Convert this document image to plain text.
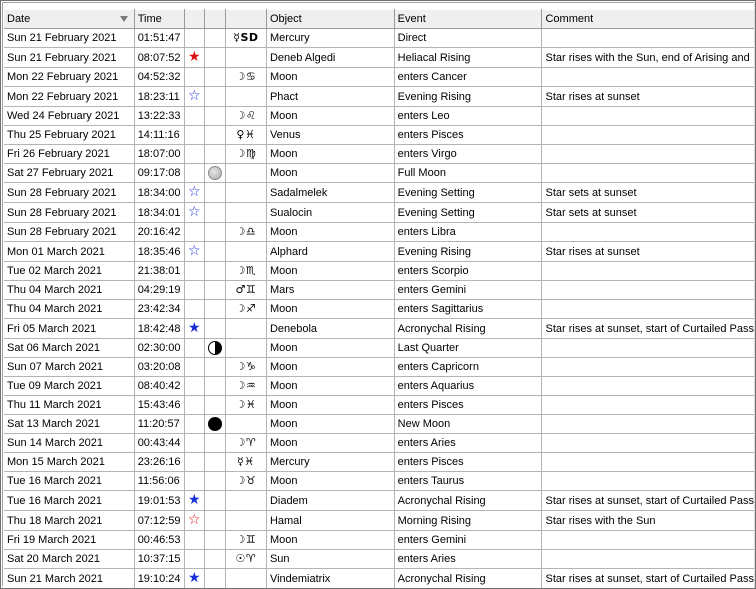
Date	Time				Object	Event	Comment
Sun 21 February 2021	01:51:47			☿SD	Mercury	Direct	
Sun 21 February 2021	08:07:52	★			Deneb Algedi	Heliacal Rising	Star rises with the Sun, end of Arising and
Mon 22 February 2021	04:52:32			☽♋	Moon	enters Cancer	
Mon 22 February 2021	18:23:11	☆			Phact	Evening Rising	Star rises at sunset
Wed 24 February 2021	13:22:33			☽♌	Moon	enters Leo	
Thu 25 February 2021	14:11:16			♀♓	Venus	enters Pisces	
Fri 26 February 2021	18:07:00			☽♍	Moon	enters Virgo	
Sat 27 February 2021	09:17:08				Moon	Full Moon	
Sun 28 February 2021	18:34:00	☆			Sadalmelek	Evening Setting	Star sets at sunset
Sun 28 February 2021	18:34:01	☆			Sualocin	Evening Setting	Star sets at sunset
Sun 28 February 2021	20:16:42			☽♎	Moon	enters Libra	
Mon 01 March 2021	18:35:46	☆			Alphard	Evening Rising	Star rises at sunset
Tue 02 March 2021	21:38:01			☽♏	Moon	enters Scorpio	
Thu 04 March 2021	04:29:19			♂♊	Mars	enters Gemini	
Thu 04 March 2021	23:42:34			☽♐	Moon	enters Sagittarius	
Fri 05 March 2021	18:42:48	★			Denebola	Acronychal Rising	Star rises at sunset, start of Curtailed Pass
Sat 06 March 2021	02:30:00				Moon	Last Quarter	
Sun 07 March 2021	03:20:08			☽♑	Moon	enters Capricorn	
Tue 09 March 2021	08:40:42			☽♒	Moon	enters Aquarius	
Thu 11 March 2021	15:43:46			☽♓	Moon	enters Pisces	
Sat 13 March 2021	11:20:57				Moon	New Moon	
Sun 14 March 2021	00:43:44			☽♈	Moon	enters Aries	
Mon 15 March 2021	23:26:16			☿♓	Mercury	enters Pisces	
Tue 16 March 2021	11:56:06			☽♉	Moon	enters Taurus	
Tue 16 March 2021	19:01:53	★			Diadem	Acronychal Rising	Star rises at sunset, start of Curtailed Pass
Thu 18 March 2021	07:12:59	☆			Hamal	Morning Rising	Star rises with the Sun
Fri 19 March 2021	00:46:53			☽♊	Moon	enters Gemini	
Sat 20 March 2021	10:37:15			☉♈	Sun	enters Aries	
Sun 21 March 2021	19:10:24	★			Vindemiatrix	Acronychal Rising	Star rises at sunset, start of Curtailed Pass
